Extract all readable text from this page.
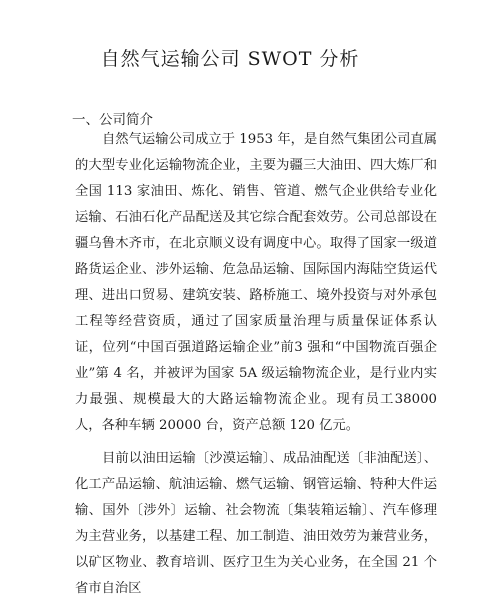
自然气运输公司 SWOT 分析
一、公司简介

自然气运输公司成立于 1953 年，是自然气集团公司直属的大型专业化运输物流企业，主要为疆三大油田、四大炼厂和全国 113 家油田、炼化、销售、管道、燃气企业供给专业化运输、石油石化产品配送及其它综合配套效劳。公司总部设在疆乌鲁木齐市，在北京顺义设有调度中心。取得了国家一级道路货运企业、涉外运输、危急品运输、国际国内海陆空货运代理、进出口贸易、建筑安装、路桥施工、境外投资与对外承包工程等经营资质，通过了国家质量治理与质量保证体系认 证，位列“中国百强道路运输企业”前3 强和“中国物流百强企业”第 4 名，并被评为国家 5A 级运输物流企业，是行业内实力最强、规模最大的大路运输物流企业。现有员工38000 人，各种车辆 20000 台，资产总额 120 亿元。

目前以油田运输〔沙漠运输〕、成品油配送〔非油配送〕、化工产品运输、航油运输、燃气运输、钢管运输、特种大件运输、国外〔涉外〕运输、社会物流〔集装箱运输〕、汽车修理为主营业务，以基建工程、加工制造、油田效劳为兼营业务，以矿区物业、教育培训、医疗卫生为关心业务，在全国 21 个省市自治区
